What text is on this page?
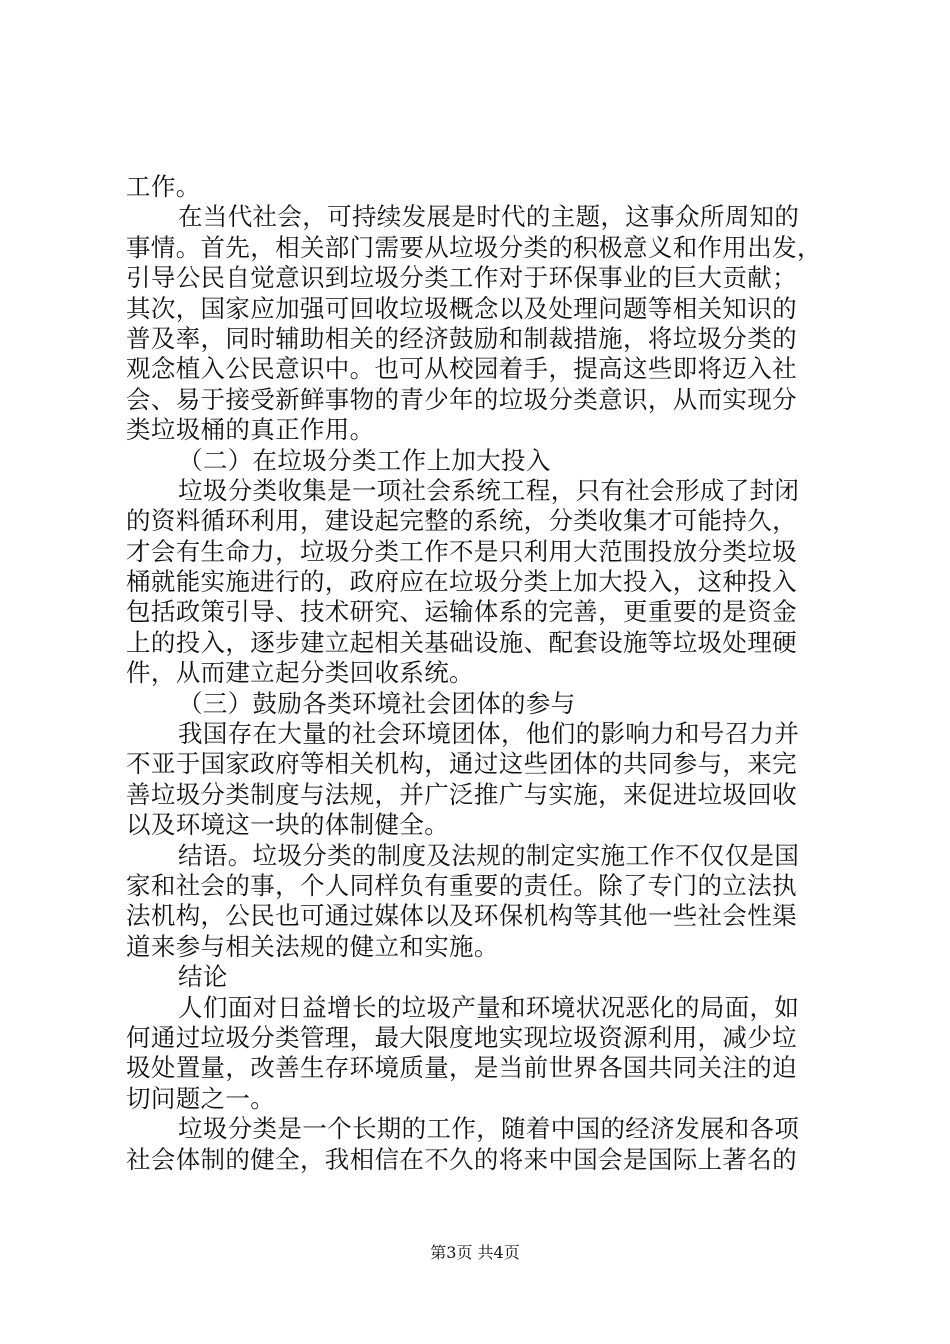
工作。
在当代社会，可持续发展是时代的主题，这事众所周知的
事情。首先，相关部门需要从垃圾分类的积极意义和作用出发，
引导公民自觉意识到垃圾分类工作对于环保事业的巨大贡献；
其次，国家应加强可回收垃圾概念以及处理问题等相关知识的
普及率，同时辅助相关的经济鼓励和制裁措施，将垃圾分类的
观念植入公民意识中。也可从校园着手，提高这些即将迈入社
会、易于接受新鲜事物的青少年的垃圾分类意识，从而实现分
类垃圾桶的真正作用。
（二）在垃圾分类工作上加大投入
垃圾分类收集是一项社会系统工程，只有社会形成了封闭
的资料循环利用，建设起完整的系统，分类收集才可能持久，
才会有生命力，垃圾分类工作不是只利用大范围投放分类垃圾
桶就能实施进行的，政府应在垃圾分类上加大投入，这种投入
包括政策引导、技术研究、运输体系的完善，更重要的是资金
上的投入，逐步建立起相关基础设施、配套设施等垃圾处理硬
件，从而建立起分类回收系统。
（三）鼓励各类环境社会团体的参与
我国存在大量的社会环境团体，他们的影响力和号召力并
不亚于国家政府等相关机构，通过这些团体的共同参与，来完
善垃圾分类制度与法规，并广泛推广与实施，来促进垃圾回收
以及环境这一块的体制健全。
结语。垃圾分类的制度及法规的制定实施工作不仅仅是国
家和社会的事，个人同样负有重要的责任。除了专门的立法执
法机构，公民也可通过媒体以及环保机构等其他一些社会性渠
道来参与相关法规的健立和实施。
结论
人们面对日益增长的垃圾产量和环境状况恶化的局面，如
何通过垃圾分类管理，最大限度地实现垃圾资源利用，减少垃
圾处置量，改善生存环境质量，是当前世界各国共同关注的迫
切问题之一。
垃圾分类是一个长期的工作，随着中国的经济发展和各项
社会体制的健全，我相信在不久的将来中国会是国际上著名的
第3页 共4页
